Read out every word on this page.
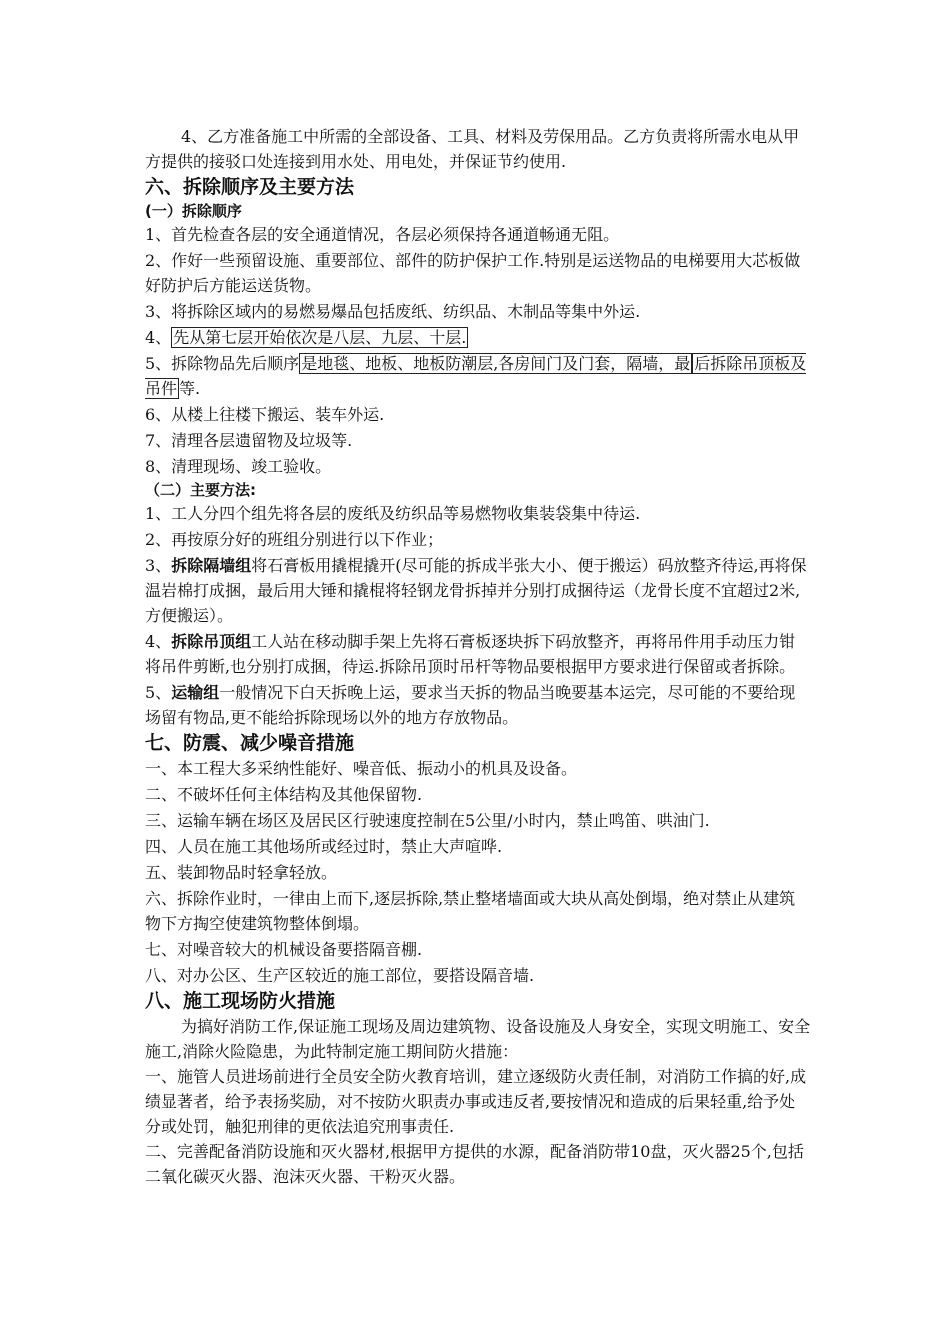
4、乙方准备施工中所需的全部设备、工具、材料及劳保用品。乙方负责将所需水电从甲方提供的接驳口处连接到用水处、用电处，并保证节约使用.

六、拆除顺序及主要方法
(一）拆除顺序

1、首先检查各层的安全通道情况，各层必须保持各通道畅通无阻。

2、作好一些预留设施、重要部位、部件的防护保护工作.特别是运送物品的电梯要用大芯板做好防护后方能运送货物。

3、将拆除区域内的易燃易爆品包括废纸、纺织品、木制品等集中外运.

4、 先从第七层开始依次是八层、九层、十层.

5、拆除物品先后顺序 是地毯、地板、地板防潮层,各房间门及门套，隔墙，最 后拆除吊顶板及吊件 等.

6、从楼上往楼下搬运、装车外运.

7、清理各层遗留物及垃圾等.

8、清理现场、竣工验收。

（二）主要方法:

1、工人分四个组先将各层的废纸及纺织品等易燃物收集装袋集中待运.

2、再按原分好的班组分别进行以下作业；

3、拆除隔墙组将石膏板用撬棍撬开(尽可能的拆成半张大小、便于搬运）码放整齐待运,再将保温岩棉打成捆，最后用大锤和撬棍将轻钢龙骨拆掉并分别打成捆待运（龙骨长度不宜超过2米,方便搬运）。

4、拆除吊顶组工人站在移动脚手架上先将石膏板逐块拆下码放整齐，再将吊件用手动压力钳将吊件剪断,也分别打成捆，待运.拆除吊顶时吊杆等物品要根据甲方要求进行保留或者拆除。

5、运输组一般情况下白天拆晚上运，要求当天拆的物品当晚要基本运完，尽可能的不要给现场留有物品,更不能给拆除现场以外的地方存放物品。

七、防震、减少噪音措施

一、本工程大多采纳性能好、噪音低、振动小的机具及设备。

二、不破坏任何主体结构及其他保留物.

三、运输车辆在场区及居民区行驶速度控制在5公里/小时内，禁止鸣笛、哄油门.

四、人员在施工其他场所或经过时，禁止大声喧哗.

五、装卸物品时轻拿轻放。

六、拆除作业时，一律由上而下,逐层拆除,禁止整堵墙面或大块从高处倒塌，绝对禁止从建筑物下方掏空使建筑物整体倒塌。

七、对噪音较大的机械设备要搭隔音棚.

八、对办公区、生产区较近的施工部位，要搭设隔音墙.

八、施工现场防火措施

为搞好消防工作,保证施工现场及周边建筑物、设备设施及人身安全，实现文明施工、安全施工,消除火险隐患，为此特制定施工期间防火措施：

一、施管人员进场前进行全员安全防火教育培训，建立逐级防火责任制，对消防工作搞的好,成绩显著者，给予表扬奖励，对不按防火职责办事或违反者,要按情况和造成的后果轻重,给予处分或处罚，触犯刑律的更依法追究刑事责任.

二、完善配备消防设施和灭火器材,根据甲方提供的水源，配备消防带10盘，灭火器25个,包括二氧化碳灭火器、泡沫灭火器、干粉灭火器。
